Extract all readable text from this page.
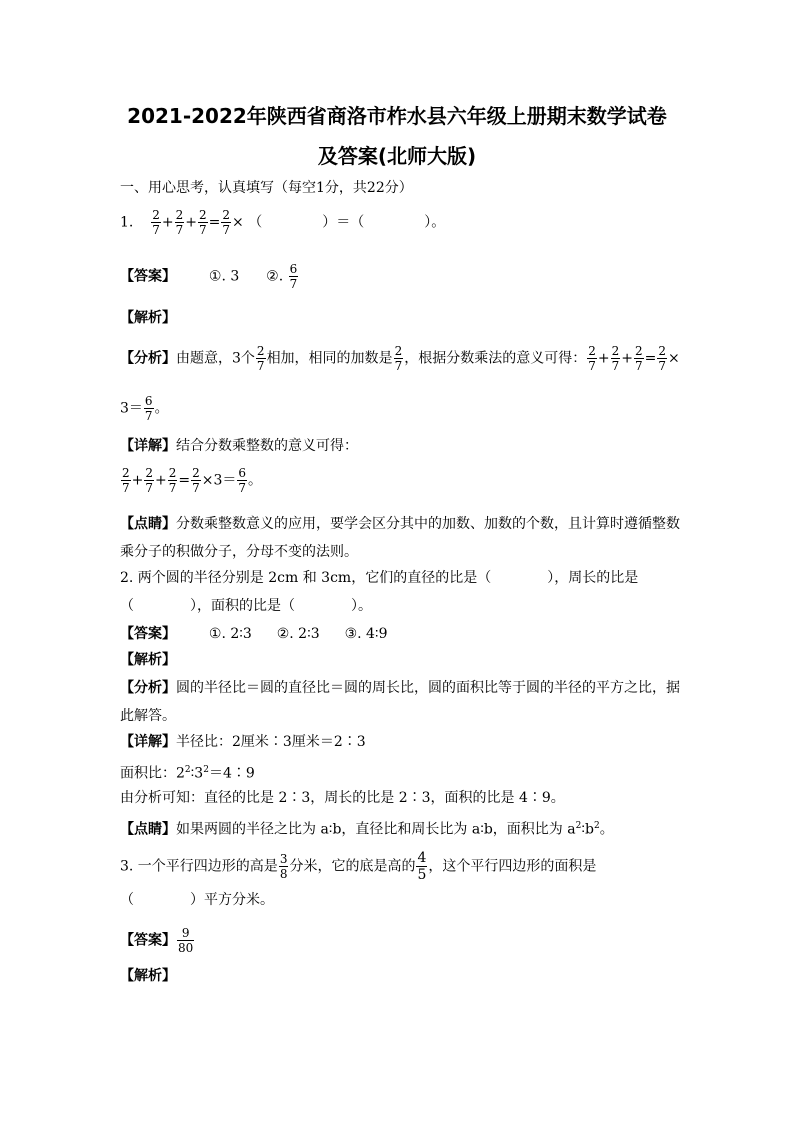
2021-2022年陕西省商洛市柞水县六年级上册期末数学试卷
及答案(北师大版)
一、用心思考，认真填写（每空1分，共22分）
1. $\frac{2}{7} + \frac{2}{7} + \frac{2}{7} = \frac{2}{7}$ × （	）＝（	）。
【答案】 ①. 3 ②. $\frac{6}{7}$
【解析】
【分析】由题意，3个 $\frac{2}{7}$ 相加，相同的加数是 $\frac{2}{7}$ ，根据分数乘法的意义可得： $\frac{2}{7} + \frac{2}{7} + \frac{2}{7} = \frac{2}{7}$ ×
$3= \frac{6}{7}$ 。
【详解】结合分数乘整数的意义可得：
$\frac{2}{7} + \frac{2}{7} + \frac{2}{7} = \frac{2}{7} \times 3= \frac{6}{7}$ 。
【点睛】分数乘整数意义的应用，要学会区分其中的加数、加数的个数，且计算时遵循整数
乘分子的积做分子，分母不变的法则。
2. 两个圆的半径分别是 2cm 和 3cm，它们的直径的比是（　　　　），周长的比是
（　　　　），面积的比是（　　　　）。
【答案】 ①. 2∶3 ②. 2∶3 ③. 4∶9
【解析】
【分析】圆的半径比＝圆的直径比＝圆的周长比，圆的面积比等于圆的半径的平方之比，据
此解答。
【详解】半径比：2厘米∶3厘米＝2∶3
面积比：$2^2∶3^2=4∶9$
由分析可知：直径的比是 2∶3，周长的比是 2∶3，面积的比是 4∶9。
【点睛】如果两圆的半径之比为 a∶b，直径比和周长比为 a∶b，面积比为 $a^2∶b^2$。
3. 一个平行四边形的高是 $\frac{3}{8}$ 分米，它的底是高的 $\frac{4}{5}$ ，这个平行四边形的面积是
（　　　　）平方分米。
【答案】 $\frac{9}{80}$
【解析】
